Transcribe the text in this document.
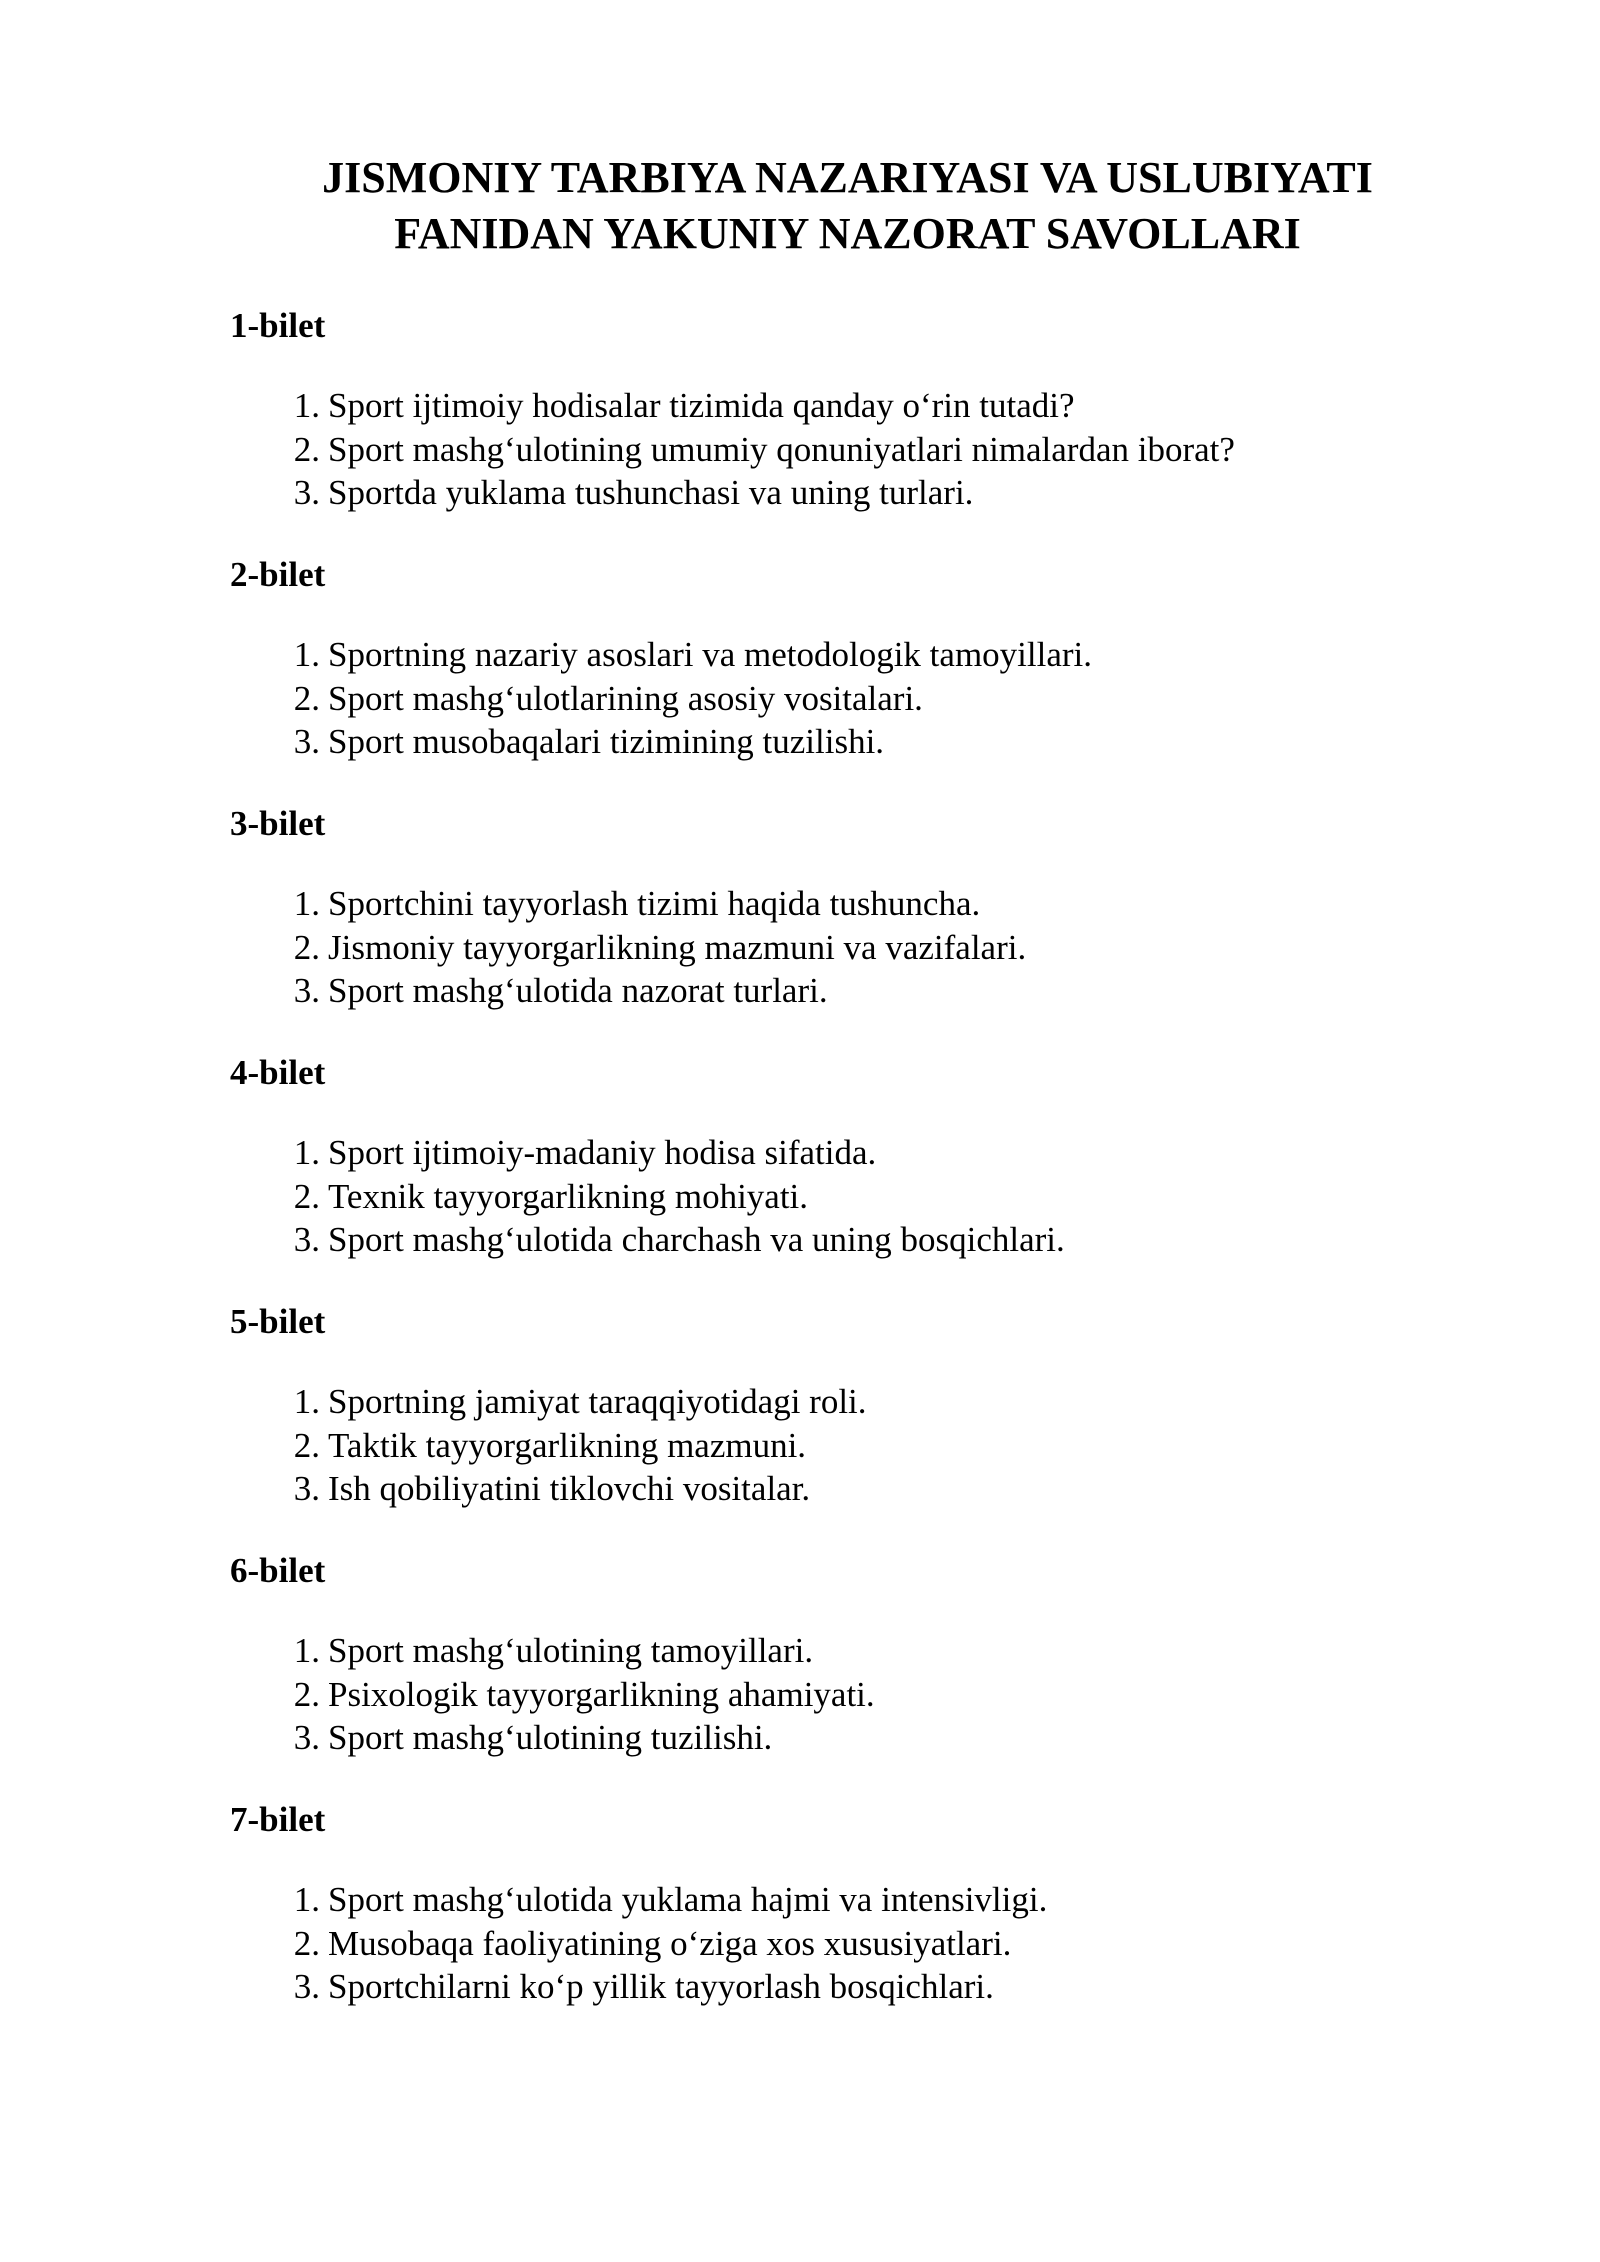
JISMONIY TARBIYA NAZARIYASI VA USLUBIYATI
FANIDAN YAKUNIY NAZORAT SAVOLLARI
1-bilet
1. Sport ijtimoiy hodisalar tizimida qanday o‘rin tutadi?
2. Sport mashg‘ulotining umumiy qonuniyatlari nimalardan iborat?
3. Sportda yuklama tushunchasi va uning turlari.
2-bilet
1. Sportning nazariy asoslari va metodologik tamoyillari.
2. Sport mashg‘ulotlarining asosiy vositalari.
3. Sport musobaqalari tizimining tuzilishi.
3-bilet
1. Sportchini tayyorlash tizimi haqida tushuncha.
2. Jismoniy tayyorgarlikning mazmuni va vazifalari.
3. Sport mashg‘ulotida nazorat turlari.
4-bilet
1. Sport ijtimoiy-madaniy hodisa sifatida.
2. Texnik tayyorgarlikning mohiyati.
3. Sport mashg‘ulotida charchash va uning bosqichlari.
5-bilet
1. Sportning jamiyat taraqqiyotidagi roli.
2. Taktik tayyorgarlikning mazmuni.
3. Ish qobiliyatini tiklovchi vositalar.
6-bilet
1. Sport mashg‘ulotining tamoyillari.
2. Psixologik tayyorgarlikning ahamiyati.
3. Sport mashg‘ulotining tuzilishi.
7-bilet
1. Sport mashg‘ulotida yuklama hajmi va intensivligi.
2. Musobaqa faoliyatining o‘ziga xos xususiyatlari.
3. Sportchilarni ko‘p yillik tayyorlash bosqichlari.
